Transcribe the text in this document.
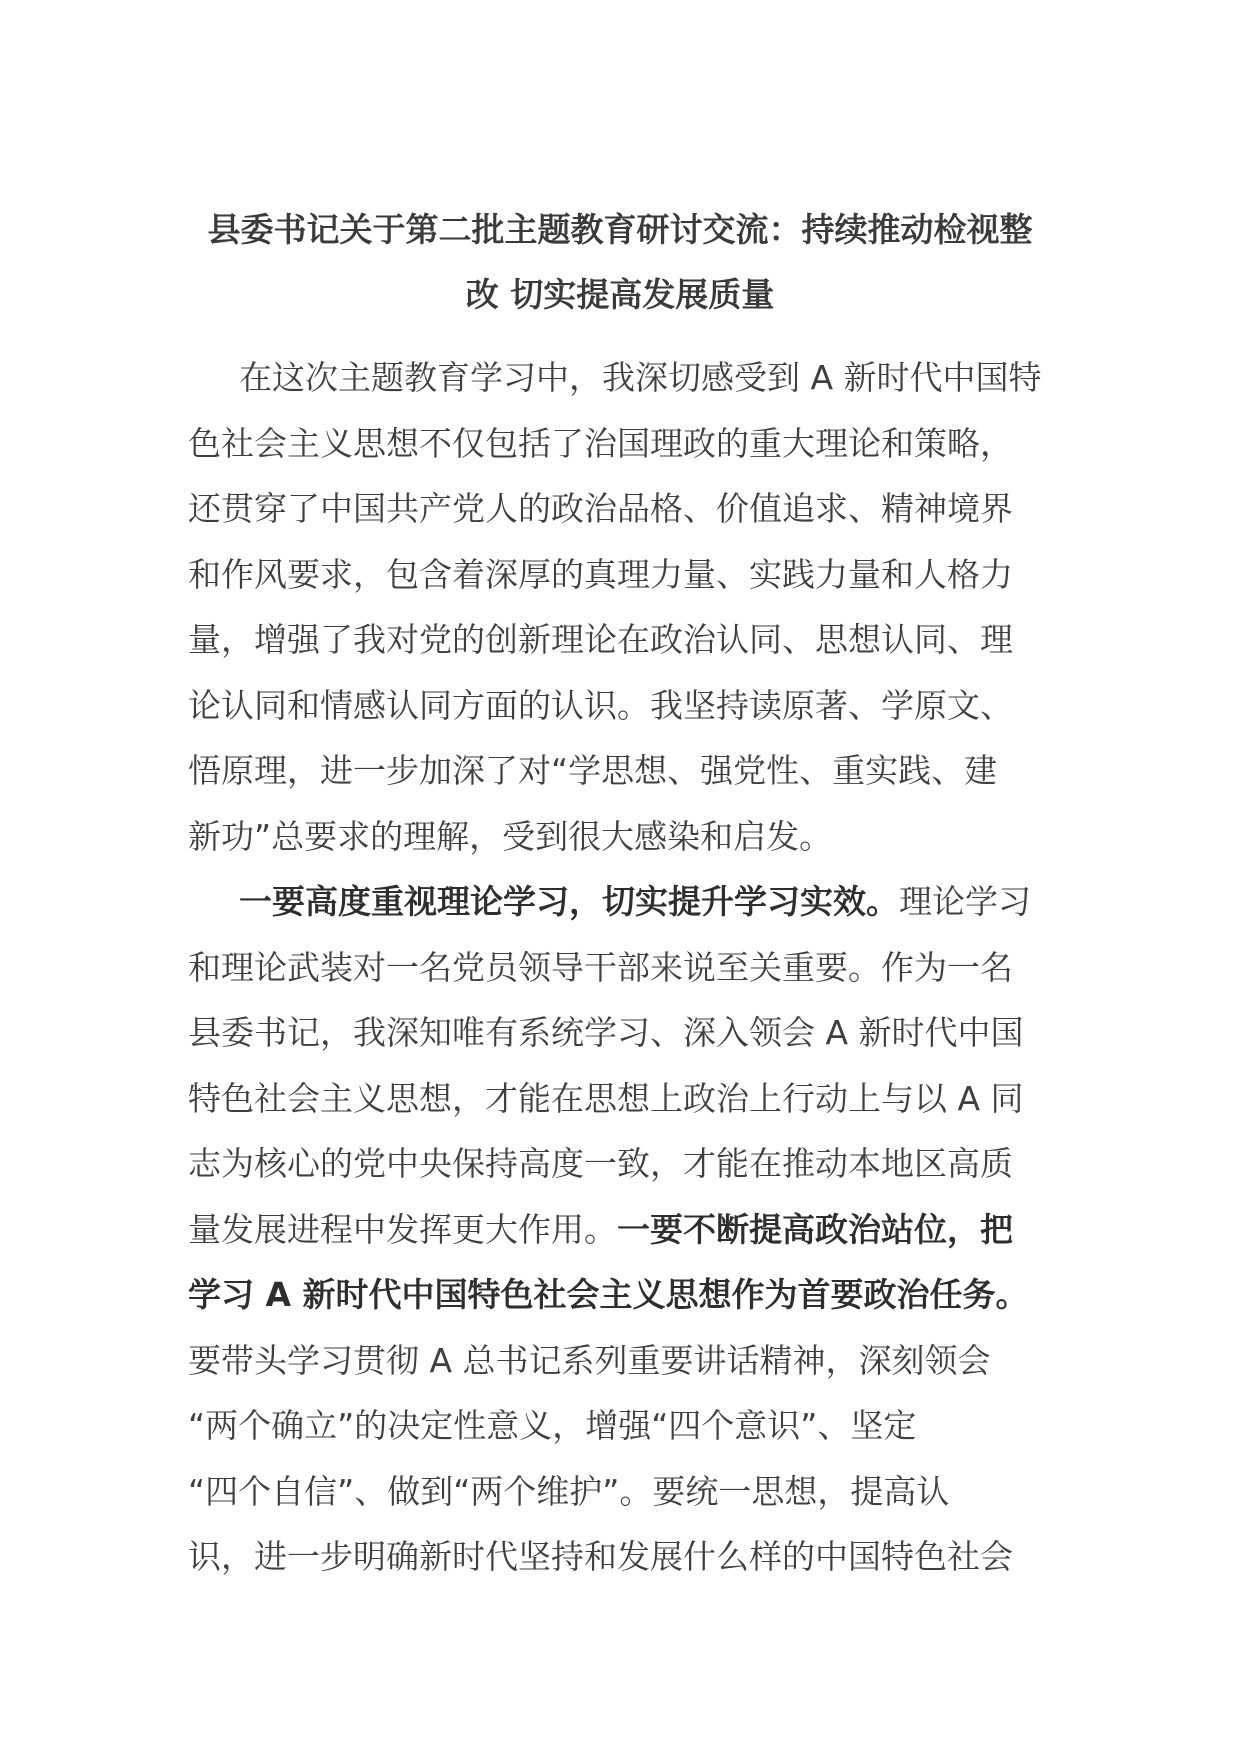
县委书记关于第二批主题教育研讨交流：持续推动检视整
改 切实提高发展质量
在这次主题教育学习中，我深切感受到 A 新时代中国特
色社会主义思想不仅包括了治国理政的重大理论和策略，
还贯穿了中国共产党人的政治品格、价值追求、精神境界
和作风要求，包含着深厚的真理力量、实践力量和人格力
量，增强了我对党的创新理论在政治认同、思想认同、理
论认同和情感认同方面的认识。我坚持读原著、学原文、
悟原理，进一步加深了对“学思想、强党性、重实践、建
新功”总要求的理解，受到很大感染和启发。
一要高度重视理论学习，切实提升学习实效。理论学习
和理论武装对一名党员领导干部来说至关重要。作为一名
县委书记，我深知唯有系统学习、深入领会 A 新时代中国
特色社会主义思想，才能在思想上政治上行动上与以 A 同
志为核心的党中央保持高度一致，才能在推动本地区高质
量发展进程中发挥更大作用。一要不断提高政治站位，把
学习 A 新时代中国特色社会主义思想作为首要政治任务。
要带头学习贯彻 A 总书记系列重要讲话精神，深刻领会
“两个确立”的决定性意义，增强“四个意识”、坚定
“四个自信”、做到“两个维护”。要统一思想，提高认
识，进一步明确新时代坚持和发展什么样的中国特色社会
